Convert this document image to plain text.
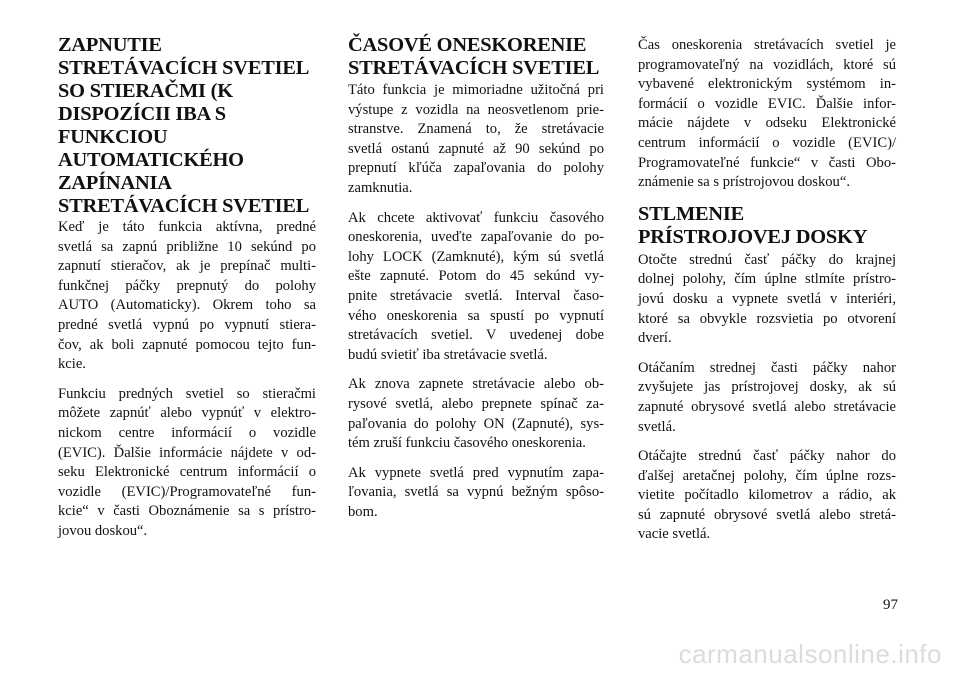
ZAPNUTIE
STRETÁVACÍCH SVETIEL
SO STIERAČMI (K
DISPOZÍCII IBA S
FUNKCIOU
AUTOMATICKÉHO
ZAPÍNANIA
STRETÁVACÍCH SVETIEL

Keď je táto funkcia aktívna, predné
svetlá sa zapnú približne 10 sekúnd po
zapnutí stieračov, ak je prepínač multi-
funkčnej páčky prepnutý do polohy
AUTO (Automaticky). Okrem toho sa
predné svetlá vypnú po vypnutí stiera-
čov, ak boli zapnuté pomocou tejto fun-
kcie.

Funkciu predných svetiel so stieračmi
môžete zapnúť alebo vypnúť v elektro-
nickom centre informácií o vozidle
(EVIC). Ďalšie informácie nájdete v od-
seku Elektronické centrum informácií o
vozidle (EVIC)/Programovateľné fun-
kcie“ v časti Oboznámenie sa s prístro-
jovou doskou“.

ČASOVÉ ONESKORENIE
STRETÁVACÍCH SVETIEL

Táto funkcia je mimoriadne užitočná pri
výstupe z vozidla na neosvetlenom prie-
stranstve. Znamená to, že stretávacie
svetlá ostanú zapnuté až 90 sekúnd po
prepnutí kľúča zapaľovania do polohy
zamknutia.

Ak chcete aktivovať funkciu časového
oneskorenia, uveďte zapaľovanie do po-
lohy LOCK (Zamknuté), kým sú svetlá
ešte zapnuté. Potom do 45 sekúnd vy-
pnite stretávacie svetlá. Interval časo-
vého oneskorenia sa spustí po vypnutí
stretávacích svetiel. V uvedenej dobe
budú svietiť iba stretávacie svetlá.

Ak znova zapnete stretávacie alebo ob-
rysové svetlá, alebo prepnete spínač za-
paľovania do polohy ON (Zapnuté), sys-
tém zruší funkciu časového oneskorenia.

Ak vypnete svetlá pred vypnutím zapa-
ľovania, svetlá sa vypnú bežným spôso-
bom.

Čas oneskorenia stretávacích svetiel je
programovateľný na vozidlách, ktoré sú
vybavené elektronickým systémom in-
formácií o vozidle EVIC. Ďalšie infor-
mácie nájdete v odseku Elektronické
centrum informácií o vozidle (EVIC)/
Programovateľné funkcie“ v časti Obo-
známenie sa s prístrojovou doskou“.

STLMENIE
PRÍSTROJOVEJ DOSKY

Otočte strednú časť páčky do krajnej
dolnej polohy, čím úplne stlmíte prístro-
jovú dosku a vypnete svetlá v interiéri,
ktoré sa obvykle rozsvietia po otvorení
dverí.

Otáčaním strednej časti páčky nahor
zvyšujete jas prístrojovej dosky, ak sú
zapnuté obrysové svetlá alebo stretávacie
svetlá.

Otáčajte strednú časť páčky nahor do
ďalšej aretačnej polohy, čím úplne rozs-
vietite počítadlo kilometrov a rádio, ak
sú zapnuté obrysové svetlá alebo stretá-
vacie svetlá.

97
carmanualsonline.info
